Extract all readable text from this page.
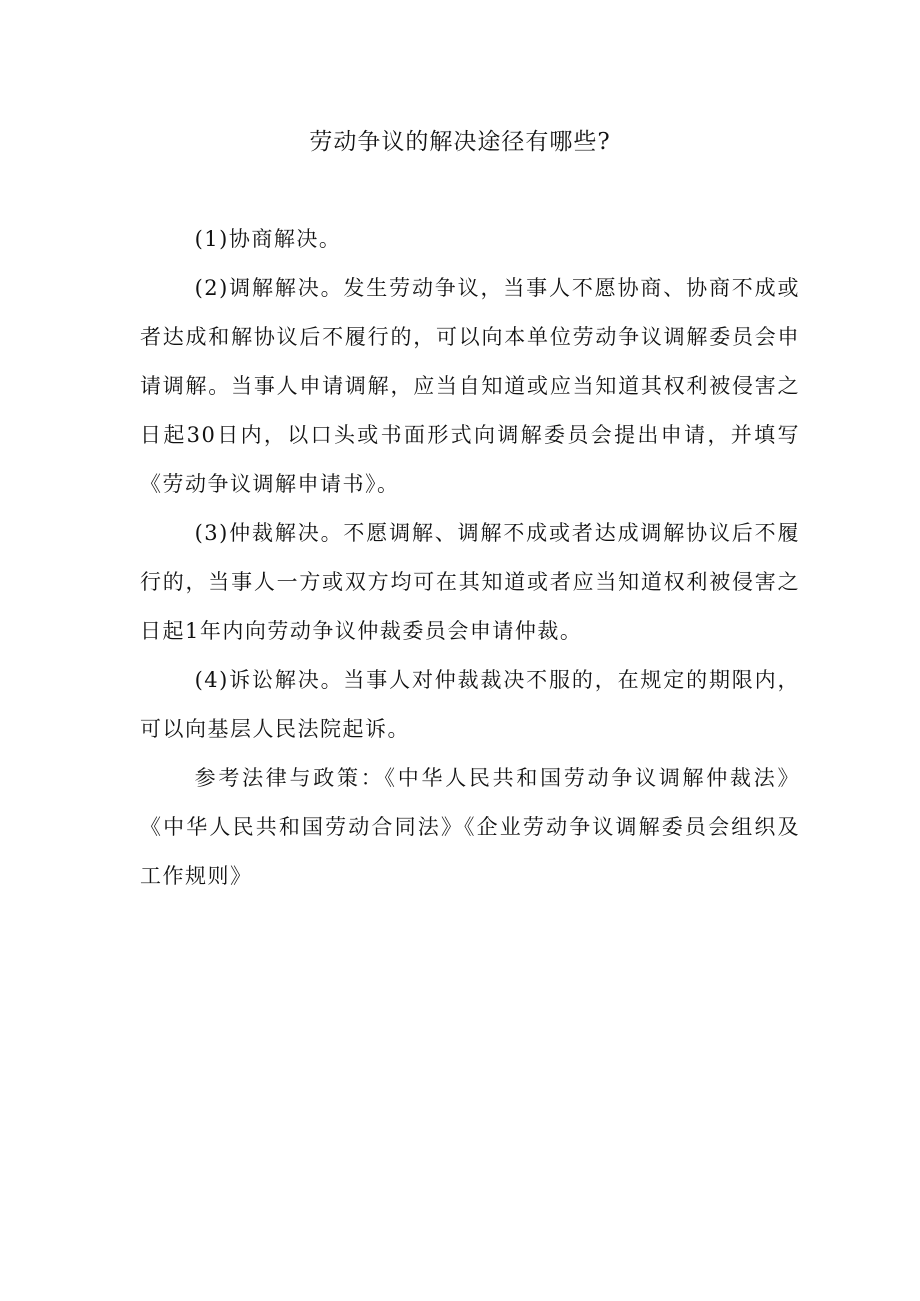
劳动争议的解决途径有哪些?

(1)协商解决。

(2)调解解决。发生劳动争议，当事人不愿协商、协商不成或者达成和解协议后不履行的，可以向本单位劳动争议调解委员会申请调解。当事人申请调解，应当自知道或应当知道其权利被侵害之日起30日内，以口头或书面形式向调解委员会提出申请，并填写《劳动争议调解申请书》。

(3)仲裁解决。不愿调解、调解不成或者达成调解协议后不履行的，当事人一方或双方均可在其知道或者应当知道权利被侵害之日起1年内向劳动争议仲裁委员会申请仲裁。

(4)诉讼解决。当事人对仲裁裁决不服的，在规定的期限内，可以向基层人民法院起诉。

参考法律与政策：《中华人民共和国劳动争议调解仲裁法》《中华人民共和国劳动合同法》《企业劳动争议调解委员会组织及工作规则》
